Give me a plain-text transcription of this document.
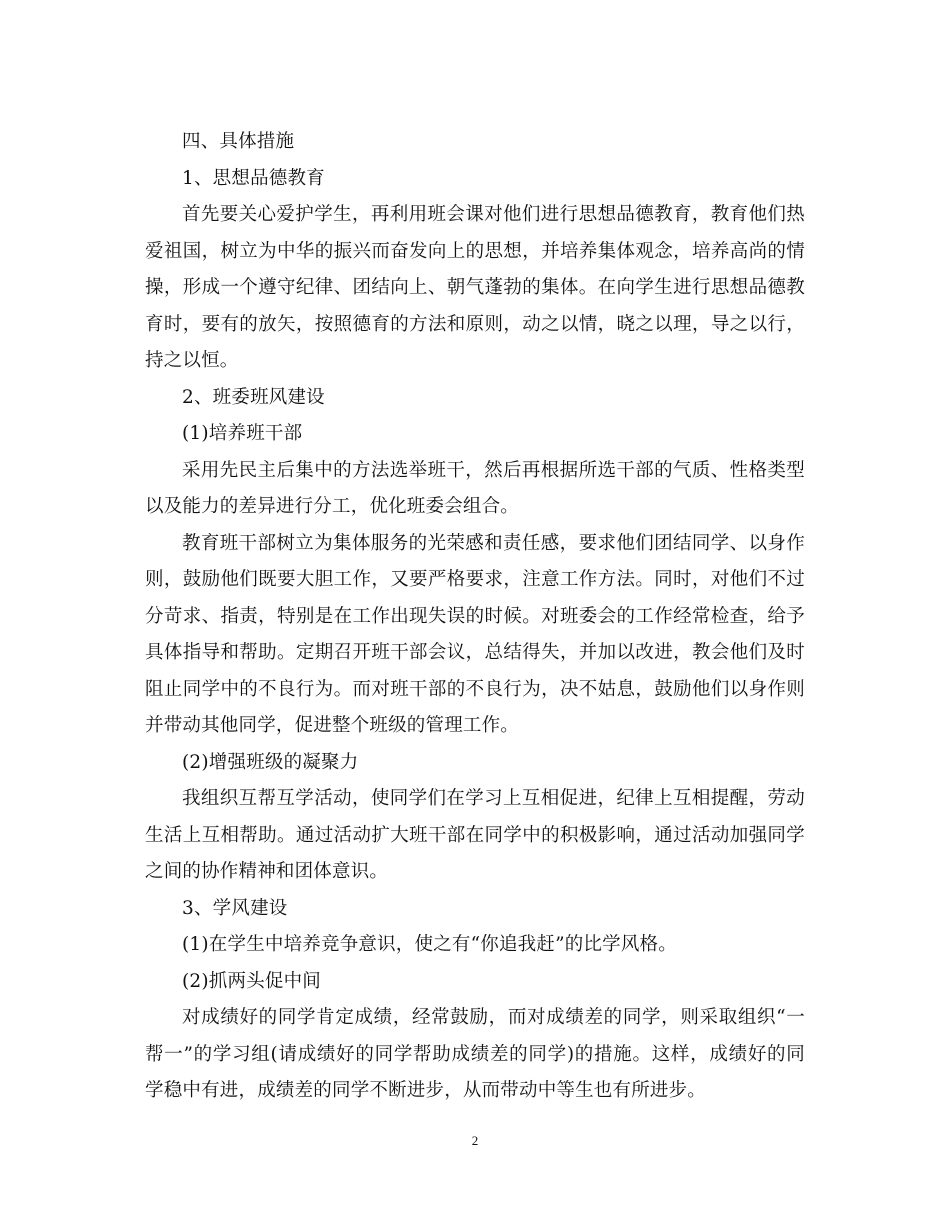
四、具体措施

1、思想品德教育

首先要关心爱护学生，再利用班会课对他们进行思想品德教育，教育他们热爱祖国，树立为中华的振兴而奋发向上的思想，并培养集体观念，培养高尚的情操，形成一个遵守纪律、团结向上、朝气蓬勃的集体。在向学生进行思想品德教育时，要有的放矢，按照德育的方法和原则，动之以情，晓之以理，导之以行，持之以恒。

2、班委班风建设

(1)培养班干部

采用先民主后集中的方法选举班干，然后再根据所选干部的气质、性格类型以及能力的差异进行分工，优化班委会组合。

教育班干部树立为集体服务的光荣感和责任感，要求他们团结同学、以身作则，鼓励他们既要大胆工作，又要严格要求，注意工作方法。同时，对他们不过分苛求、指责，特别是在工作出现失误的时候。对班委会的工作经常检查，给予具体指导和帮助。定期召开班干部会议，总结得失，并加以改进，教会他们及时阻止同学中的不良行为。而对班干部的不良行为，决不姑息，鼓励他们以身作则并带动其他同学，促进整个班级的管理工作。

(2)增强班级的凝聚力

我组织互帮互学活动，使同学们在学习上互相促进，纪律上互相提醒，劳动生活上互相帮助。通过活动扩大班干部在同学中的积极影响，通过活动加强同学之间的协作精神和团体意识。

3、学风建设

(1)在学生中培养竞争意识，使之有“你追我赶”的比学风格。

(2)抓两头促中间

对成绩好的同学肯定成绩，经常鼓励，而对成绩差的同学，则采取组织“一帮一”的学习组(请成绩好的同学帮助成绩差的同学)的措施。这样，成绩好的同学稳中有进，成绩差的同学不断进步，从而带动中等生也有所进步。

2
